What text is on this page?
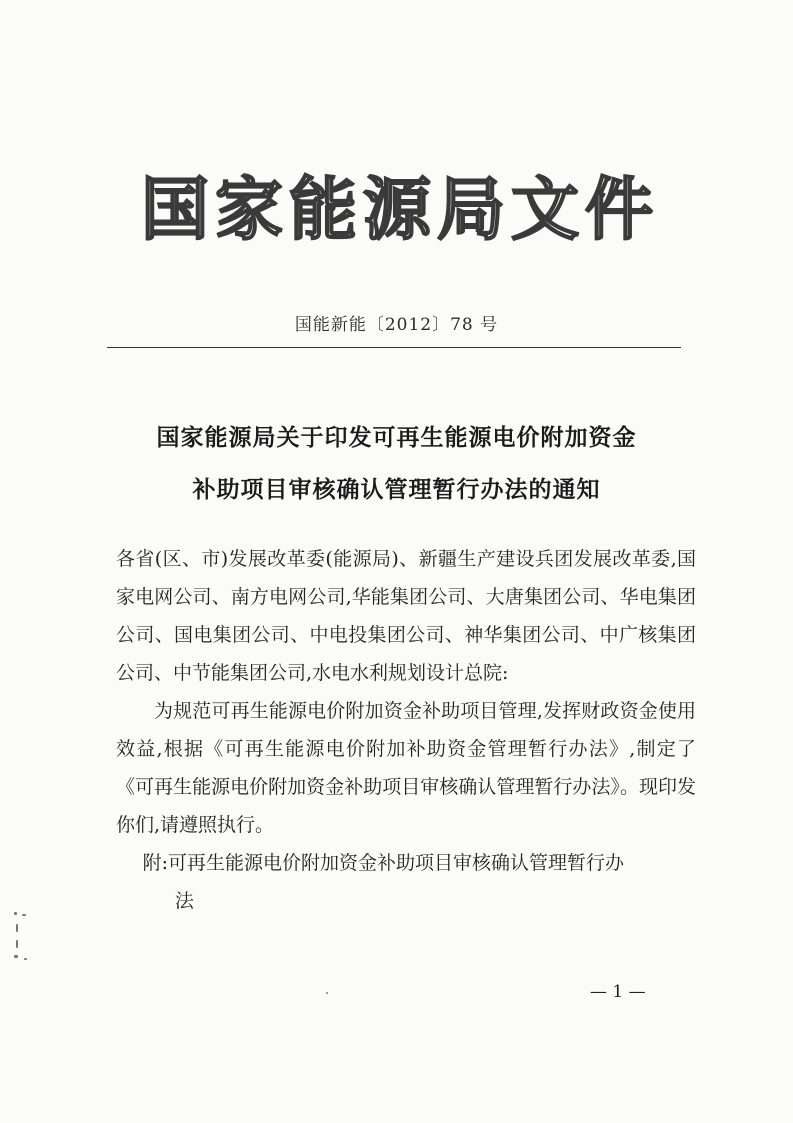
国家能源局文件
国能新能〔2012〕78 号
国家能源局关于印发可再生能源电价附加资金
补助项目审核确认管理暂行办法的通知

各省(区、市)发展改革委(能源局)、新疆生产建设兵团发展改革委,国家电网公司、南方电网公司,华能集团公司、大唐集团公司、华电集团公司、国电集团公司、中电投集团公司、神华集团公司、中广核集团公司、中节能集团公司,水电水利规划设计总院:

为规范可再生能源电价附加资金补助项目管理,发挥财政资金使用效益,根据《可再生能源电价附加补助资金管理暂行办法》,制定了《可再生能源电价附加资金补助项目审核确认管理暂行办法》。现印发你们,请遵照执行。

附:可再生能源电价附加资金补助项目审核确认管理暂行办

法

— 1 —
